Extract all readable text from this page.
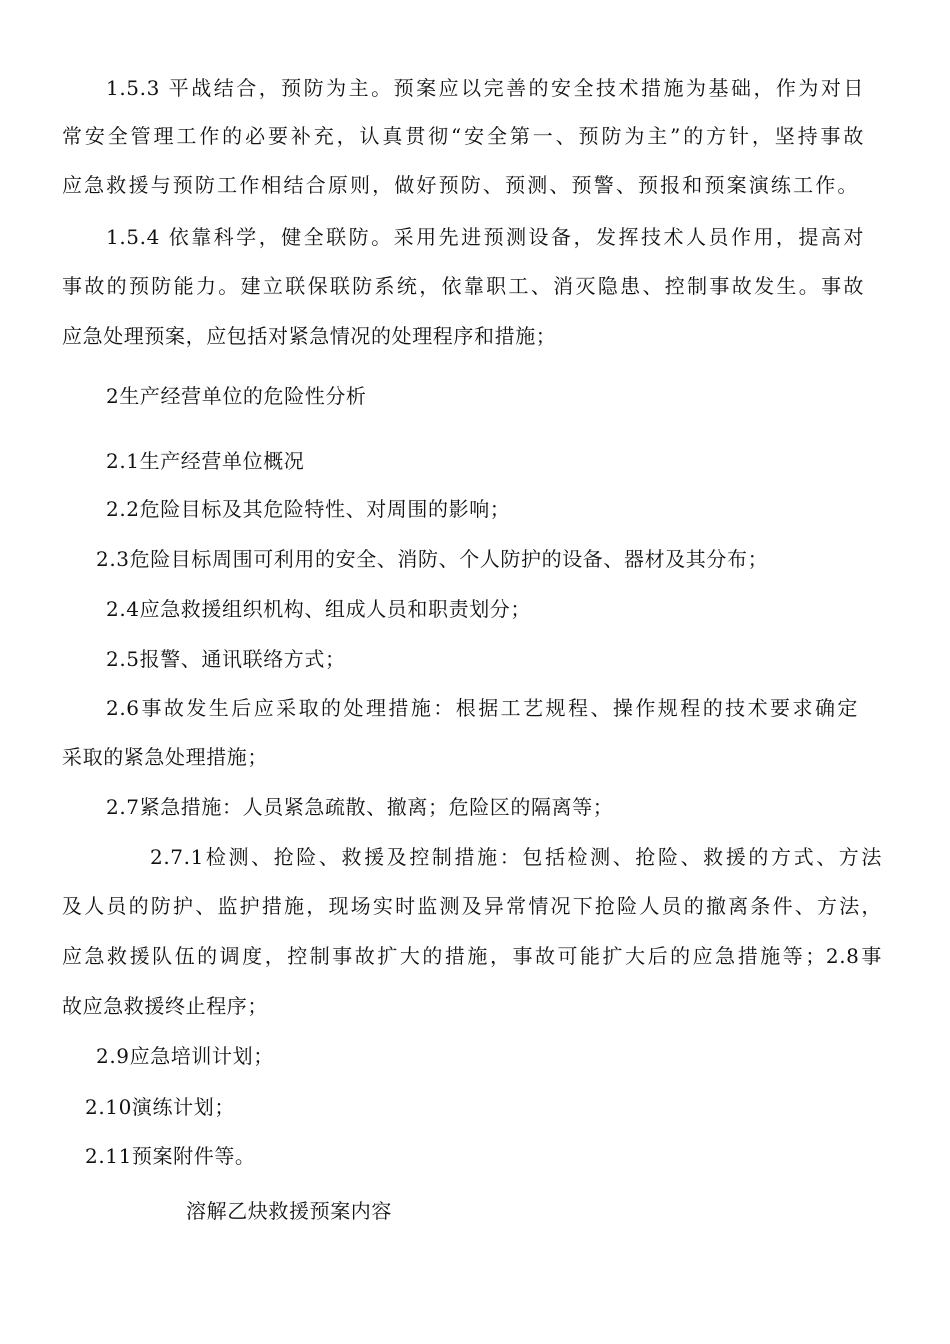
1.5.3 平战结合，预防为主。预案应以完善的安全技术措施为基础，作为对日

常安全管理工作的必要补充，认真贯彻“安全第一、预防为主”的方针，坚持事故

应急救援与预防工作相结合原则，做好预防、预测、预警、预报和预案演练工作。

1.5.4 依靠科学，健全联防。采用先进预测设备，发挥技术人员作用，提高对

事故的预防能力。建立联保联防系统，依靠职工、消灭隐患、控制事故发生。事故

应急处理预案，应包括对紧急情况的处理程序和措施；

2生产经营单位的危险性分析

2.1生产经营单位概况

2.2危险目标及其危险特性、对周围的影响；

2.3危险目标周围可利用的安全、消防、个人防护的设备、器材及其分布；

2.4应急救援组织机构、组成人员和职责划分；

2.5报警、通讯联络方式；

2.6事故发生后应采取的处理措施：根据工艺规程、操作规程的技术要求确定

采取的紧急处理措施；

2.7紧急措施：人员紧急疏散、撤离；危险区的隔离等；

2.7.1检测、抢险、救援及控制措施：包括检测、抢险、救援的方式、方法

及人员的防护、监护措施，现场实时监测及异常情况下抢险人员的撤离条件、方法，

应急救援队伍的调度，控制事故扩大的措施，事故可能扩大后的应急措施等；2.8事

故应急救援终止程序；

2.9应急培训计划；

2.10演练计划；

2.11预案附件等。

溶解乙炔救援预案内容
